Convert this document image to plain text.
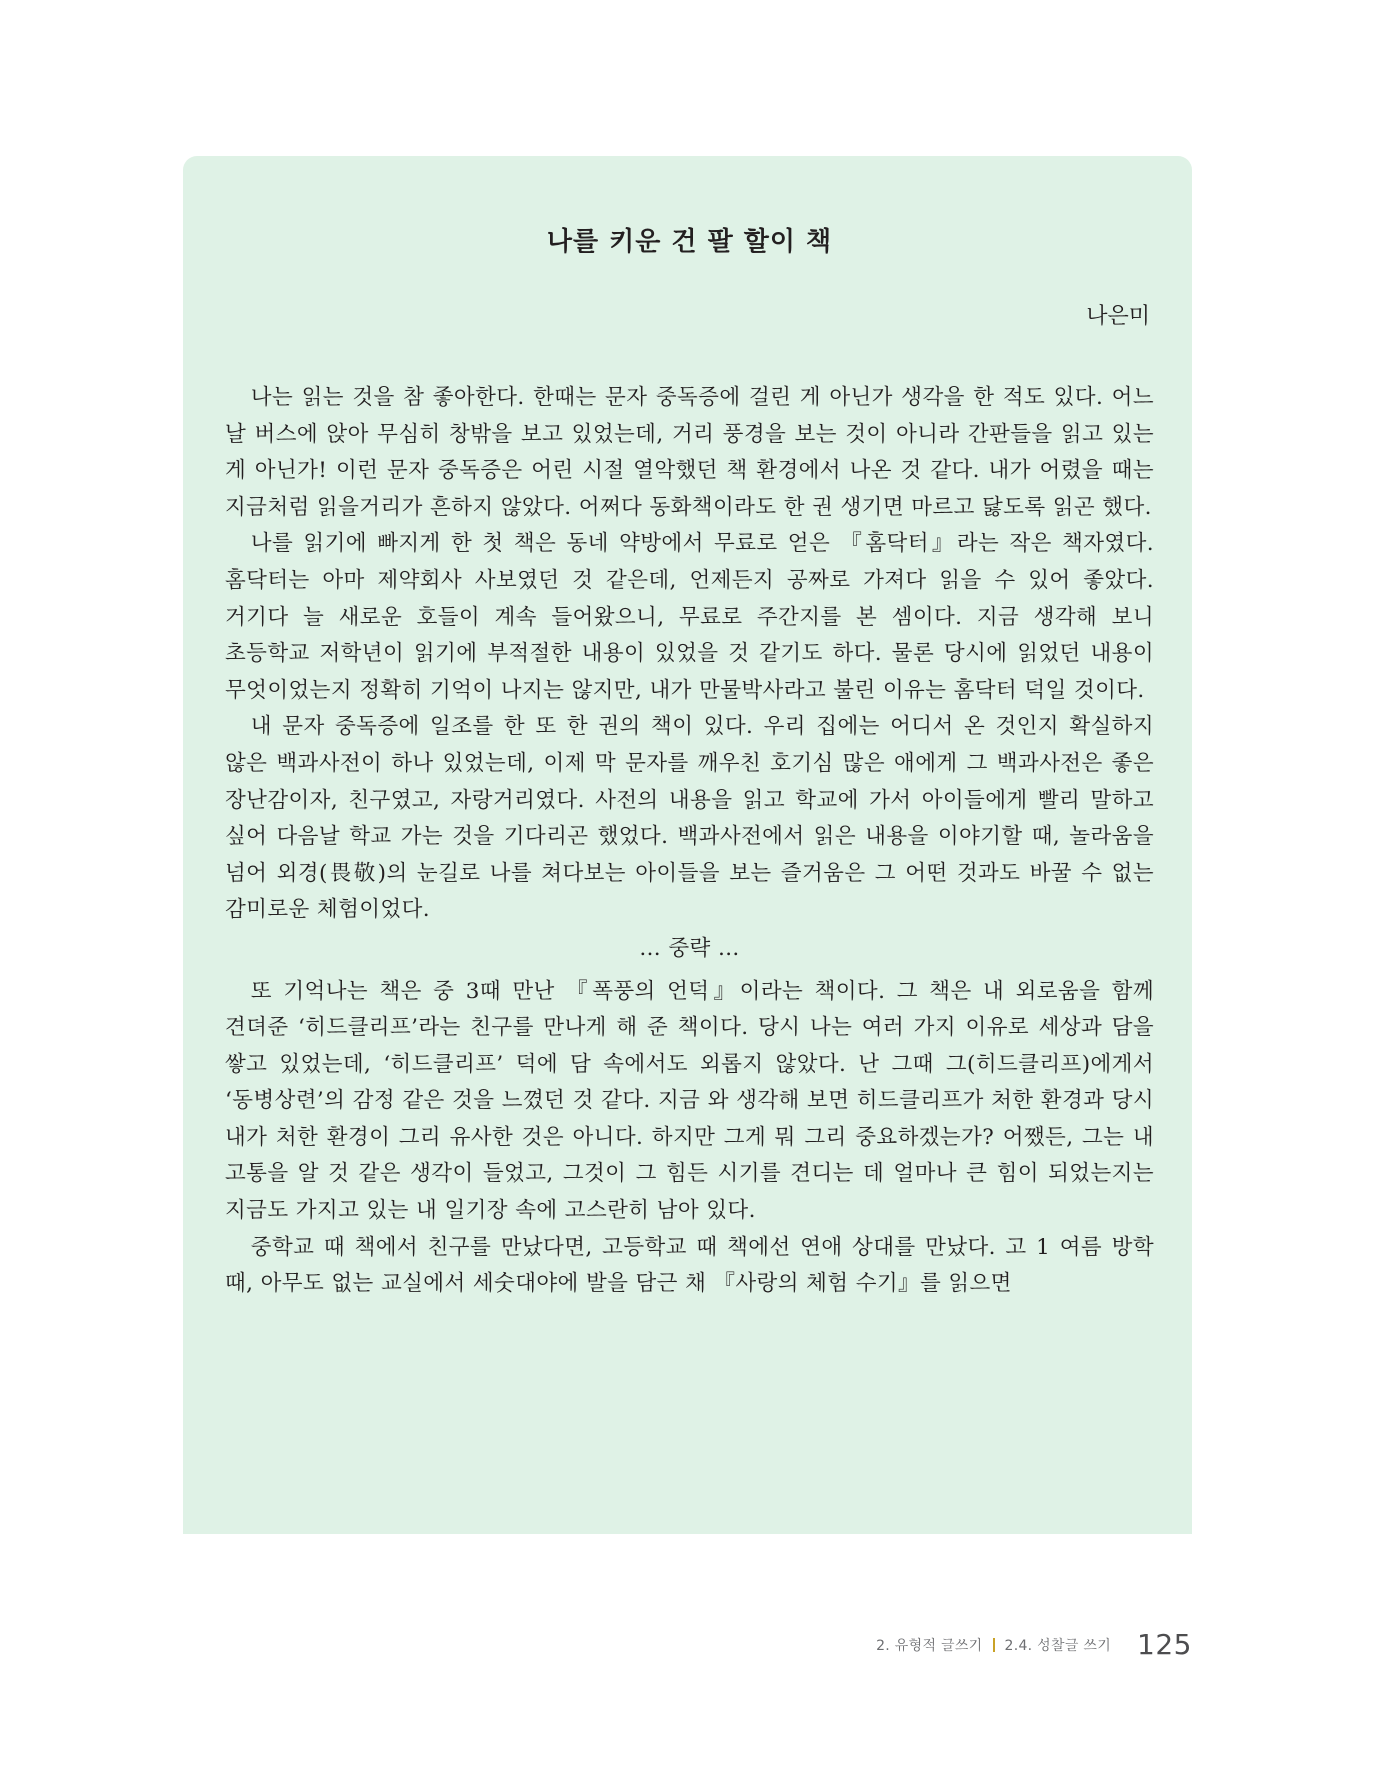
나를 키운 건 팔 할이 책
나은미

나는 읽는 것을 참 좋아한다. 한때는 문자 중독증에 걸린 게 아닌가 생각을 한 적도 있다. 어느 날 버스에 앉아 무심히 창밖을 보고 있었는데, 거리 풍경을 보는 것이 아니라 간판들을 읽고 있는 게 아닌가! 이런 문자 중독증은 어린 시절 열악했던 책 환경에서 나온 것 같다. 내가 어렸을 때는 지금처럼 읽을거리가 흔하지 않았다. 어쩌다 동화책이라도 한 권 생기면 마르고 닳도록 읽곤 했다.

나를 읽기에 빠지게 한 첫 책은 동네 약방에서 무료로 얻은 『홈닥터』라는 작은 책자였다. 홈닥터는 아마 제약회사 사보였던 것 같은데, 언제든지 공짜로 가져다 읽을 수 있어 좋았다. 거기다 늘 새로운 호들이 계속 들어왔으니, 무료로 주간지를 본 셈이다. 지금 생각해 보니 초등학교 저학년이 읽기에 부적절한 내용이 있었을 것 같기도 하다. 물론 당시에 읽었던 내용이 무엇이었는지 정확히 기억이 나지는 않지만, 내가 만물박사라고 불린 이유는 홈닥터 덕일 것이다.

내 문자 중독증에 일조를 한 또 한 권의 책이 있다. 우리 집에는 어디서 온 것인지 확실하지 않은 백과사전이 하나 있었는데, 이제 막 문자를 깨우친 호기심 많은 애에게 그 백과사전은 좋은 장난감이자, 친구였고, 자랑거리였다. 사전의 내용을 읽고 학교에 가서 아이들에게 빨리 말하고 싶어 다음날 학교 가는 것을 기다리곤 했었다. 백과사전에서 읽은 내용을 이야기할 때, 놀라움을 넘어 외경(畏敬)의 눈길로 나를 쳐다보는 아이들을 보는 즐거움은 그 어떤 것과도 바꿀 수 없는 감미로운 체험이었다.

… 중략 …

또 기억나는 책은 중 3때 만난 『폭풍의 언덕』이라는 책이다. 그 책은 내 외로움을 함께 견뎌준 ‘히드클리프’라는 친구를 만나게 해 준 책이다. 당시 나는 여러 가지 이유로 세상과 담을 쌓고 있었는데, ‘히드클리프’ 덕에 담 속에서도 외롭지 않았다. 난 그때 그(히드클리프)에게서 ‘동병상련’의 감정 같은 것을 느꼈던 것 같다. 지금 와 생각해 보면 히드클리프가 처한 환경과 당시 내가 처한 환경이 그리 유사한 것은 아니다. 하지만 그게 뭐 그리 중요하겠는가? 어쨌든, 그는 내 고통을 알 것 같은 생각이 들었고, 그것이 그 힘든 시기를 견디는 데 얼마나 큰 힘이 되었는지는 지금도 가지고 있는 내 일기장 속에 고스란히 남아 있다.

중학교 때 책에서 친구를 만났다면, 고등학교 때 책에선 연애 상대를 만났다. 고 1 여름 방학 때, 아무도 없는 교실에서 세숫대야에 발을 담근 채 『사랑의 체험 수기』를 읽으면

2. 유형적 글쓰기 2.4. 성찰글 쓰기 125
